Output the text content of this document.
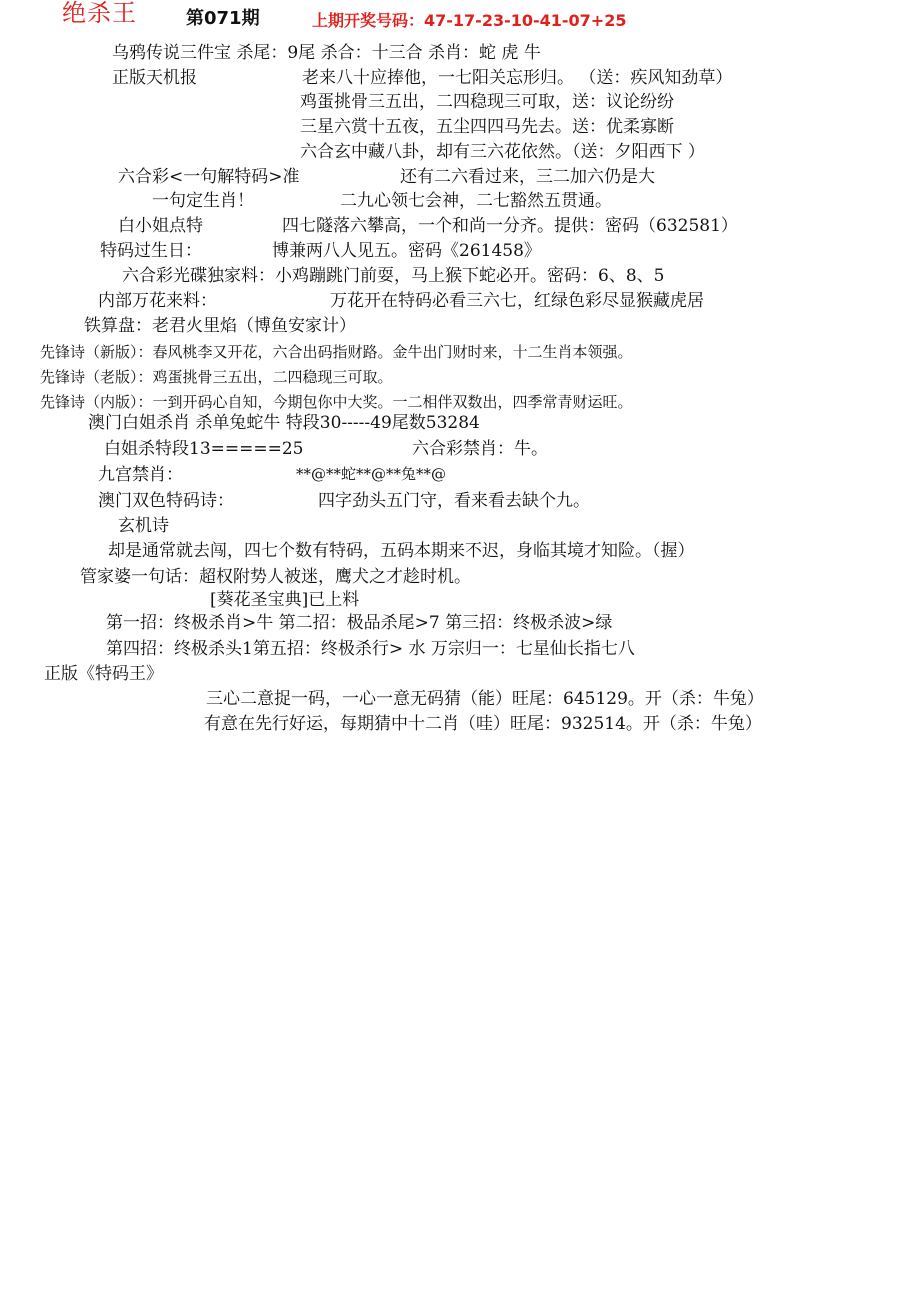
绝杀王	第071期	上期开奖号码：47-17-23-10-41-07+25
乌鸦传说三件宝 杀尾：9尾 杀合：十三合 杀肖：蛇 虎 牛
正版天机报	老来八十应捧他，一七阳关忘形归。 （送：疾风知劲草）
鸡蛋挑骨三五出，二四稳现三可取，送：议论纷纷
三星六赏十五夜，五尘四四马先去。送：优柔寡断
六合玄中藏八卦，却有三六花依然。（送：夕阳西下 ）
六合彩<一句解特码>准	还有二六看过来，三二加六仍是大
一句定生肖！	二九心领七会神，二七豁然五贯通。
白小姐点特	四七隧落六攀高，一个和尚一分齐。提供：密码（632581）
特码过生日：	博兼两八人见五。密码《261458》
六合彩光碟独家料：小鸡蹦跳门前耍，马上猴下蛇必开。密码：6、8、5
内部万花来料：	万花开在特码必看三六七，红绿色彩尽显猴藏虎居
铁算盘：老君火里焰（博鱼安家计）
先锋诗（新版）：春风桃李又开花，六合出码指财路。金牛出门财时来，十二生肖本领强。
先锋诗（老版）：鸡蛋挑骨三五出，二四稳现三可取。
先锋诗（内版）：一到开码心自知，今期包你中大奖。一二相伴双数出，四季常青财运旺。
澳门白姐杀肖 杀单兔蛇牛 特段30-----49尾数53284
白姐杀特段13=====25	六合彩禁肖：牛。
九宫禁肖：	**@**蛇**@**兔**@
澳门双色特码诗：	四字劲头五门守，看来看去缺个九。
玄机诗
却是通常就去闯，四七个数有特码，五码本期来不迟，身临其境才知险。（握）
管家婆一句话：超权附势人被迷，鹰犬之才趁时机。
[葵花圣宝典]已上料
第一招：终极杀肖>牛 第二招：极品杀尾>7 第三招：终极杀波>绿
第四招：终极杀头1第五招：终极杀行> 水 万宗归一：七星仙长指七八
正版《特码王》
三心二意捉一码，一心一意无码猜（能）旺尾：645129。开（杀：牛兔）
有意在先行好运，每期猜中十二肖（哇）旺尾：932514。开（杀：牛兔）
